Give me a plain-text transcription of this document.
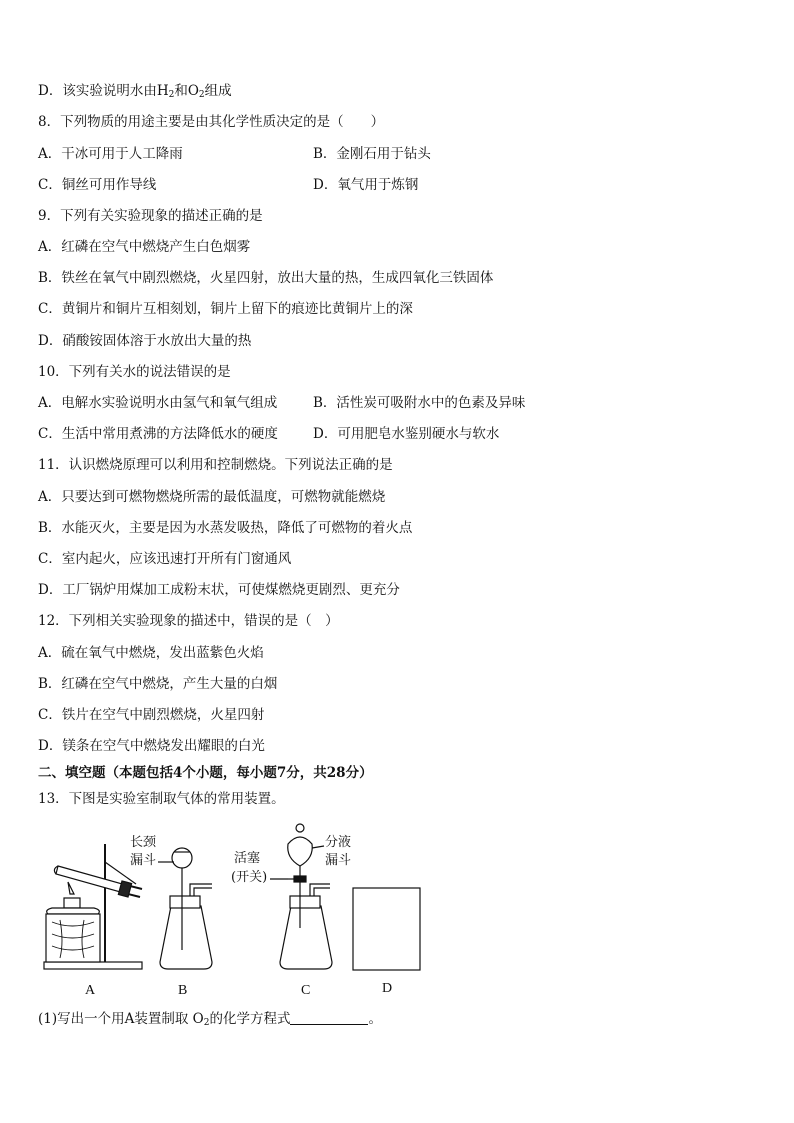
D．该实验说明水由$H_2$和$O_2$组成
8．下列物质的用途主要是由其化学性质决定的是（　　）
A．干冰可用于人工降雨	B．金刚石用于钻头
C．铜丝可用作导线	D．氧气用于炼钢
9．下列有关实验现象的描述正确的是
A．红磷在空气中燃烧产生白色烟雾
B．铁丝在氧气中剧烈燃烧，火星四射，放出大量的热，生成四氧化三铁固体
C．黄铜片和铜片互相刻划，铜片上留下的痕迹比黄铜片上的深
D．硝酸铵固体溶于水放出大量的热
10．下列有关水的说法错误的是
A．电解水实验说明水由氢气和氧气组成	B．活性炭可吸附水中的色素及异味
C．生活中常用煮沸的方法降低水的硬度	D．可用肥皂水鉴别硬水与软水
11．认识燃烧原理可以利用和控制燃烧。下列说法正确的是
A．只要达到可燃物燃烧所需的最低温度，可燃物就能燃烧
B．水能灭火，主要是因为水蒸发吸热，降低了可燃物的着火点
C．室内起火，应该迅速打开所有门窗通风
D．工厂锅炉用煤加工成粉末状，可使煤燃烧更剧烈、更充分
12．下列相关实验现象的描述中，错误的是（　）
A．硫在氧气中燃烧，发出蓝紫色火焰
B．红磷在空气中燃烧，产生大量的白烟
C．铁片在空气中剧烈燃烧，火星四射
D．镁条在空气中燃烧发出耀眼的白光
二、填空题（本题包括4个小题，每小题7分，共28分）
13．下图是实验室制取气体的常用装置。
长颈
漏斗	活塞
(开关)
分液
漏斗
A	B	C	D
(1)写出一个用A装置制取 $O_2$的化学方程式	。
